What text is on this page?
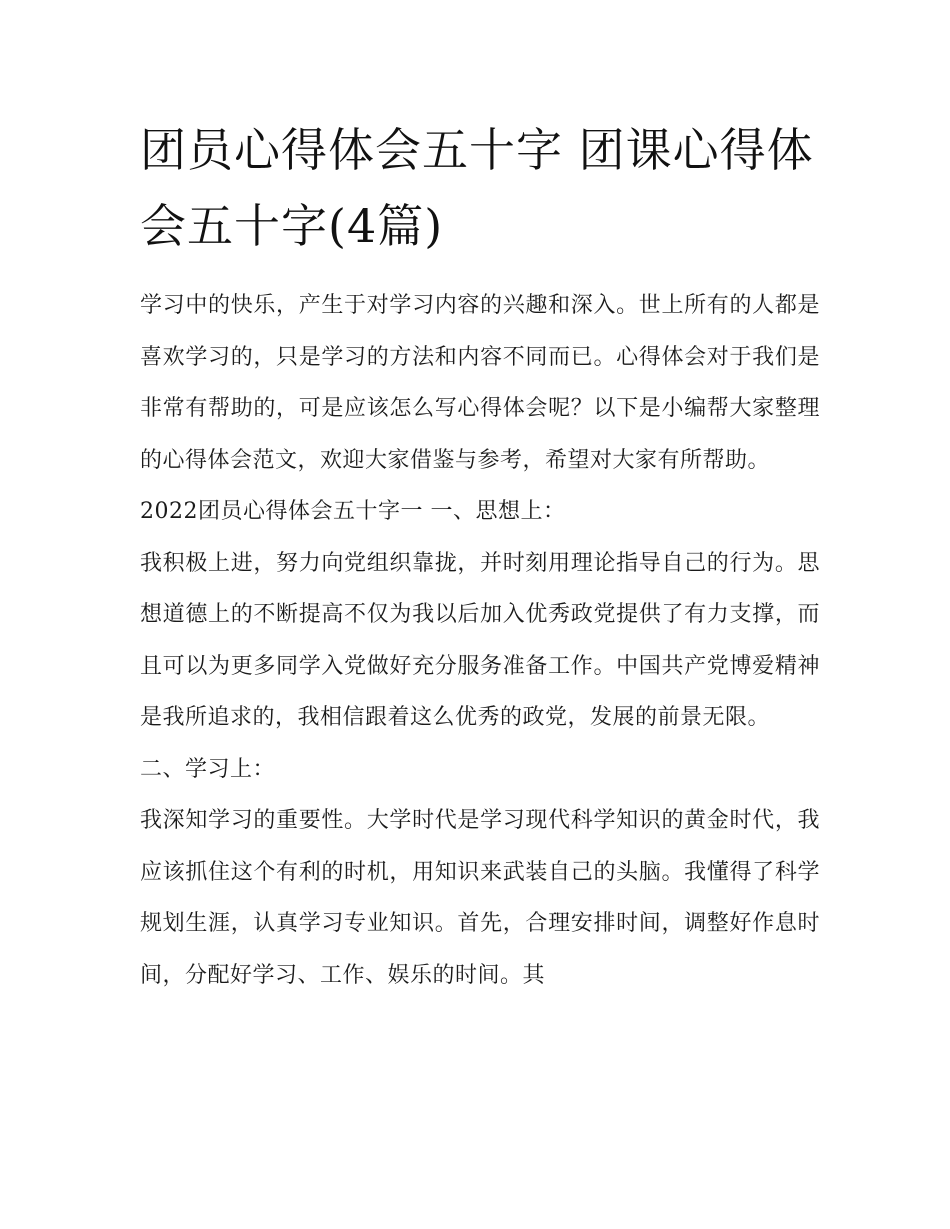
团员心得体会五十字 团课心得体会五十字(4篇)

学习中的快乐，产生于对学习内容的兴趣和深入。世上所有的人都是喜欢学习的，只是学习的方法和内容不同而已。心得体会对于我们是非常有帮助的，可是应该怎么写心得体会呢？以下是小编帮大家整理的心得体会范文，欢迎大家借鉴与参考，希望对大家有所帮助。

2022团员心得体会五十字一 一、思想上：

我积极上进，努力向党组织靠拢，并时刻用理论指导自己的行为。思想道德上的不断提高不仅为我以后加入优秀政党提供了有力支撑，而且可以为更多同学入党做好充分服务准备工作。中国共产党博爱精神是我所追求的，我相信跟着这么优秀的政党，发展的前景无限。

二、学习上：

我深知学习的重要性。大学时代是学习现代科学知识的黄金时代，我应该抓住这个有利的时机，用知识来武装自己的头脑。我懂得了科学规划生涯，认真学习专业知识。首先，合理安排时间，调整好作息时间，分配好学习、工作、娱乐的时间。其
